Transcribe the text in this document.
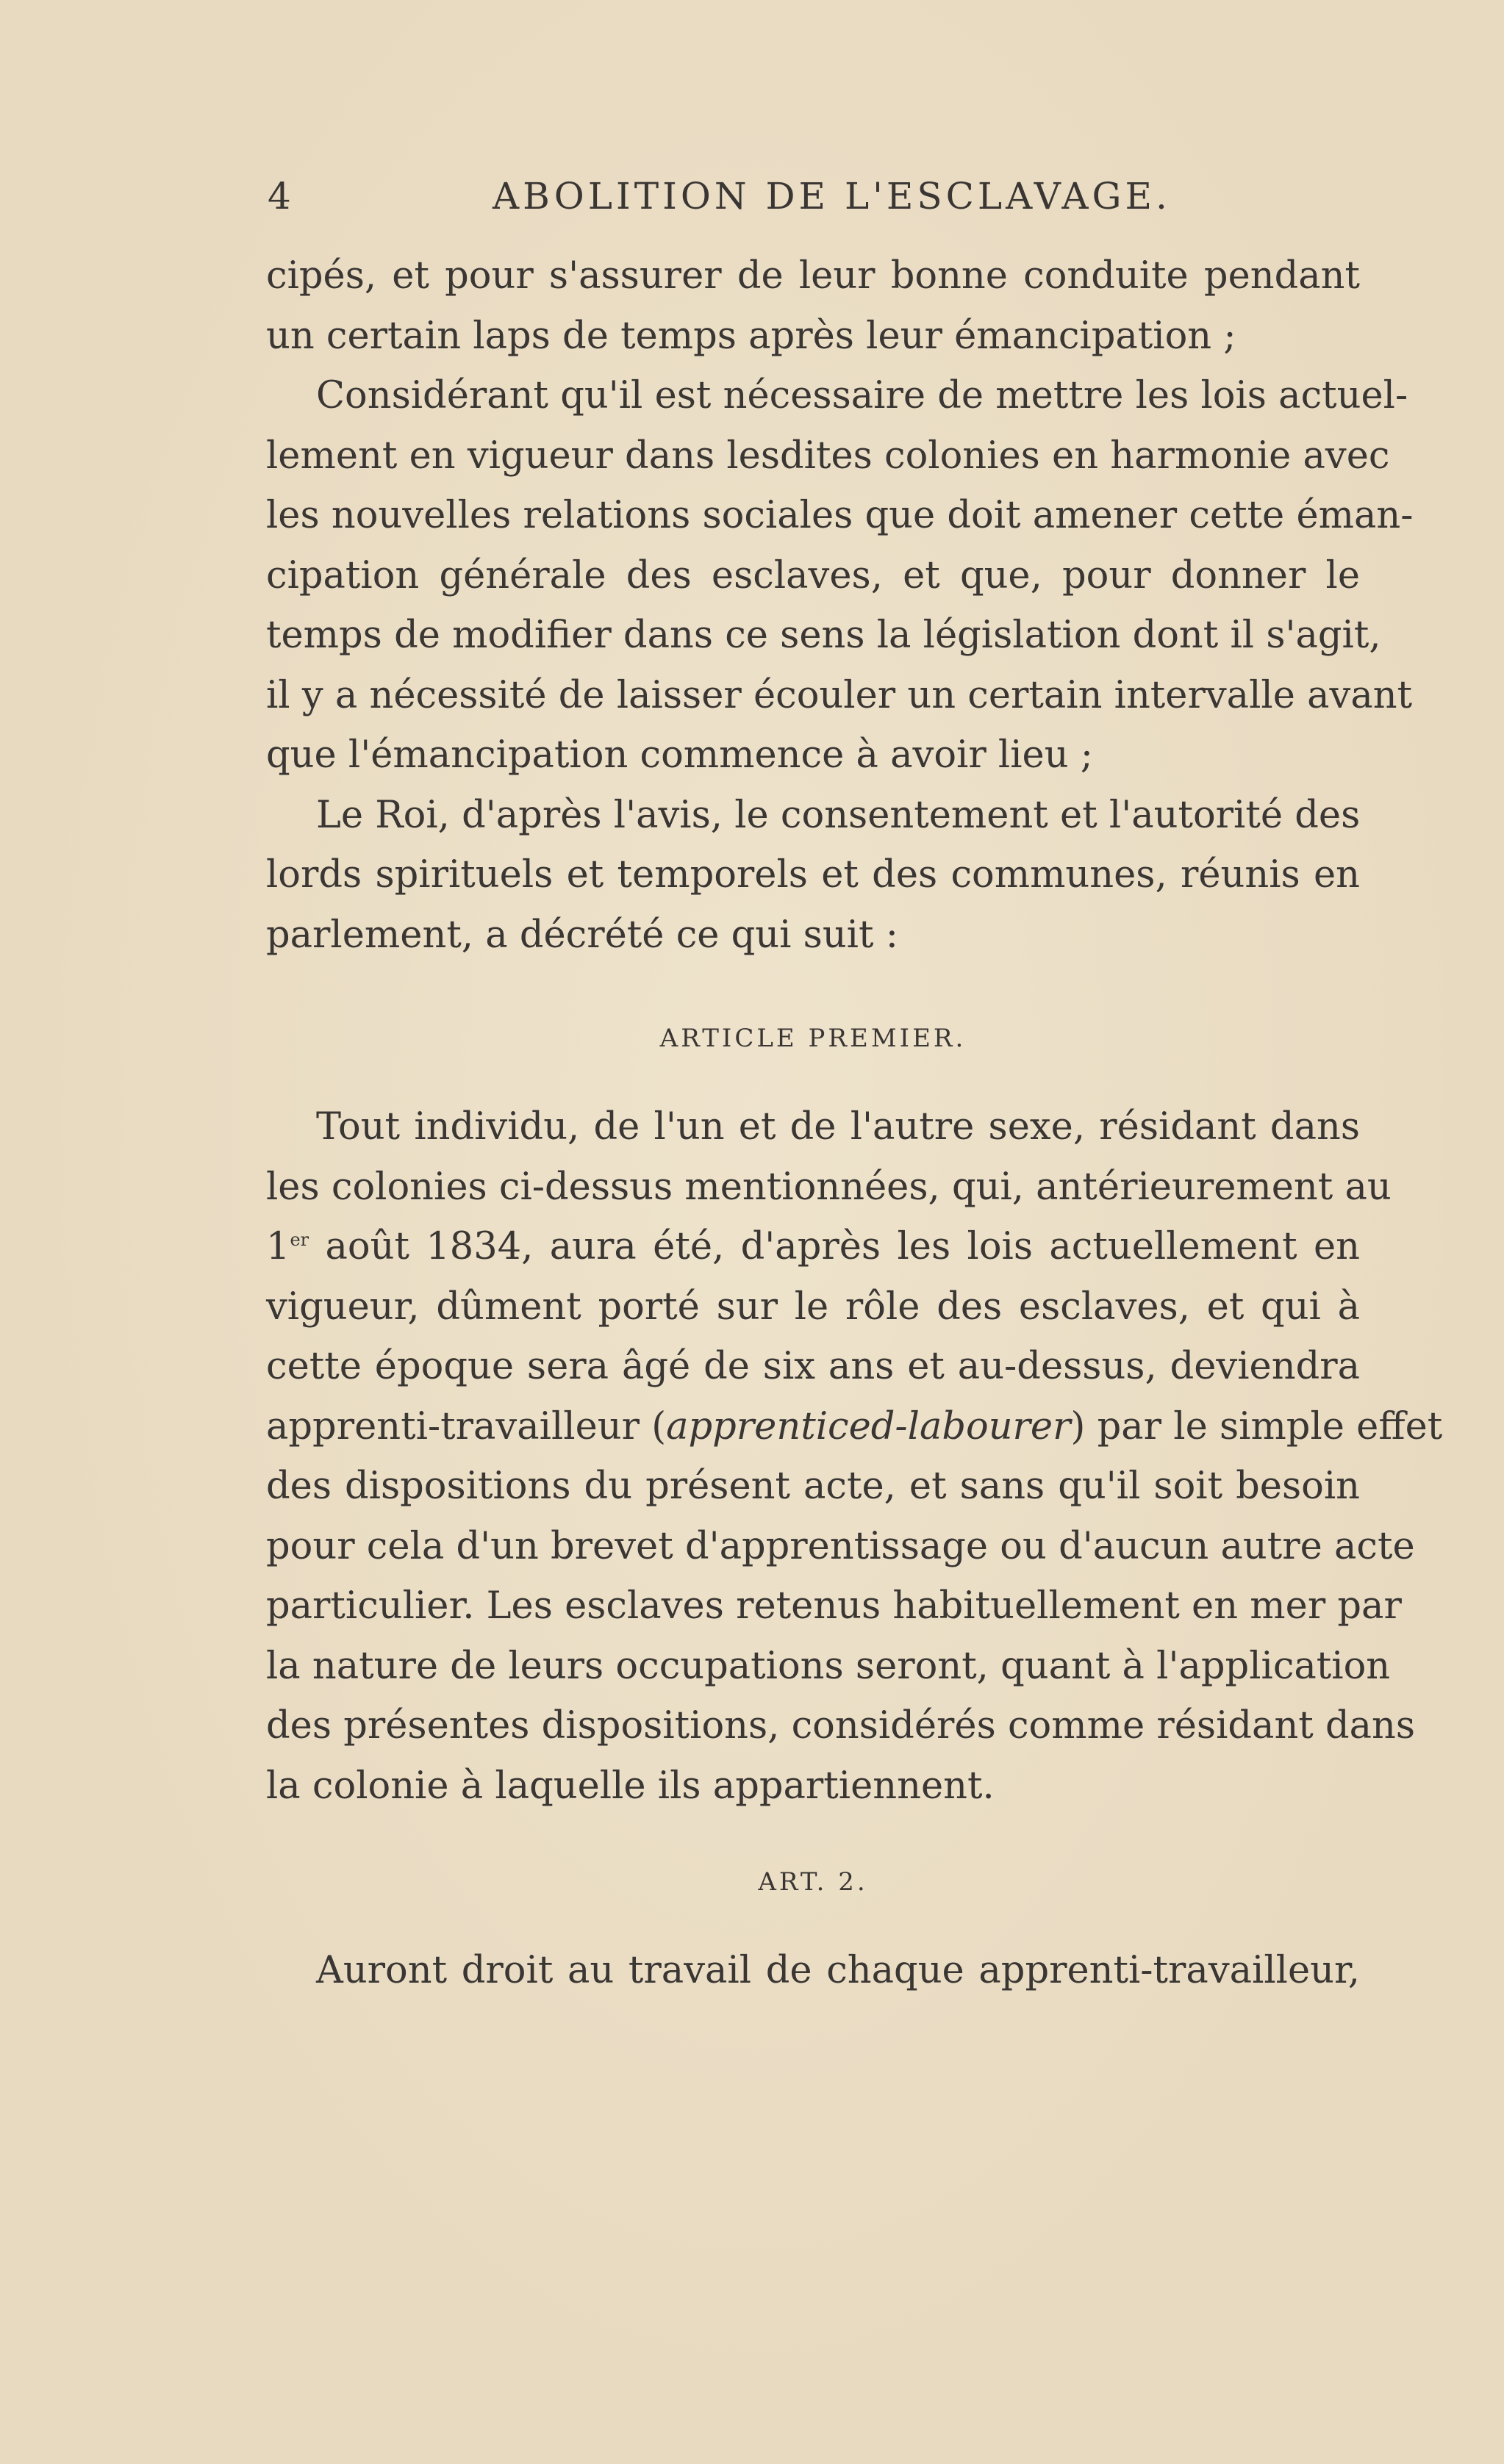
4	ABOLITION DE L'ESCLAVAGE.
cipés, et pour s'assurer de leur bonne conduite pendant
un certain laps de temps après leur émancipation ;
Considérant qu'il est nécessaire de mettre les lois actuel-
lement en vigueur dans lesdites colonies en harmonie avec
les nouvelles relations sociales que doit amener cette éman-
cipation générale des esclaves, et que, pour donner le
temps de modifier dans ce sens la législation dont il s'agit,
il y a nécessité de laisser écouler un certain intervalle avant
que l'émancipation commence à avoir lieu ;
Le Roi, d'après l'avis, le consentement et l'autorité des
lords spirituels et temporels et des communes, réunis en
parlement, a décrété ce qui suit :
ARTICLE PREMIER.
Tout individu, de l'un et de l'autre sexe, résidant dans
les colonies ci-dessus mentionnées, qui, antérieurement au
1er août 1834, aura été, d'après les lois actuellement en
vigueur, dûment porté sur le rôle des esclaves, et qui à
cette époque sera âgé de six ans et au-dessus, deviendra
apprenti-travailleur (apprenticed-labourer) par le simple effet
des dispositions du présent acte, et sans qu'il soit besoin
pour cela d'un brevet d'apprentissage ou d'aucun autre acte
particulier. Les esclaves retenus habituellement en mer par
la nature de leurs occupations seront, quant à l'application
des présentes dispositions, considérés comme résidant dans
la colonie à laquelle ils appartiennent.
ART. 2.
Auront droit au travail de chaque apprenti-travailleur,
